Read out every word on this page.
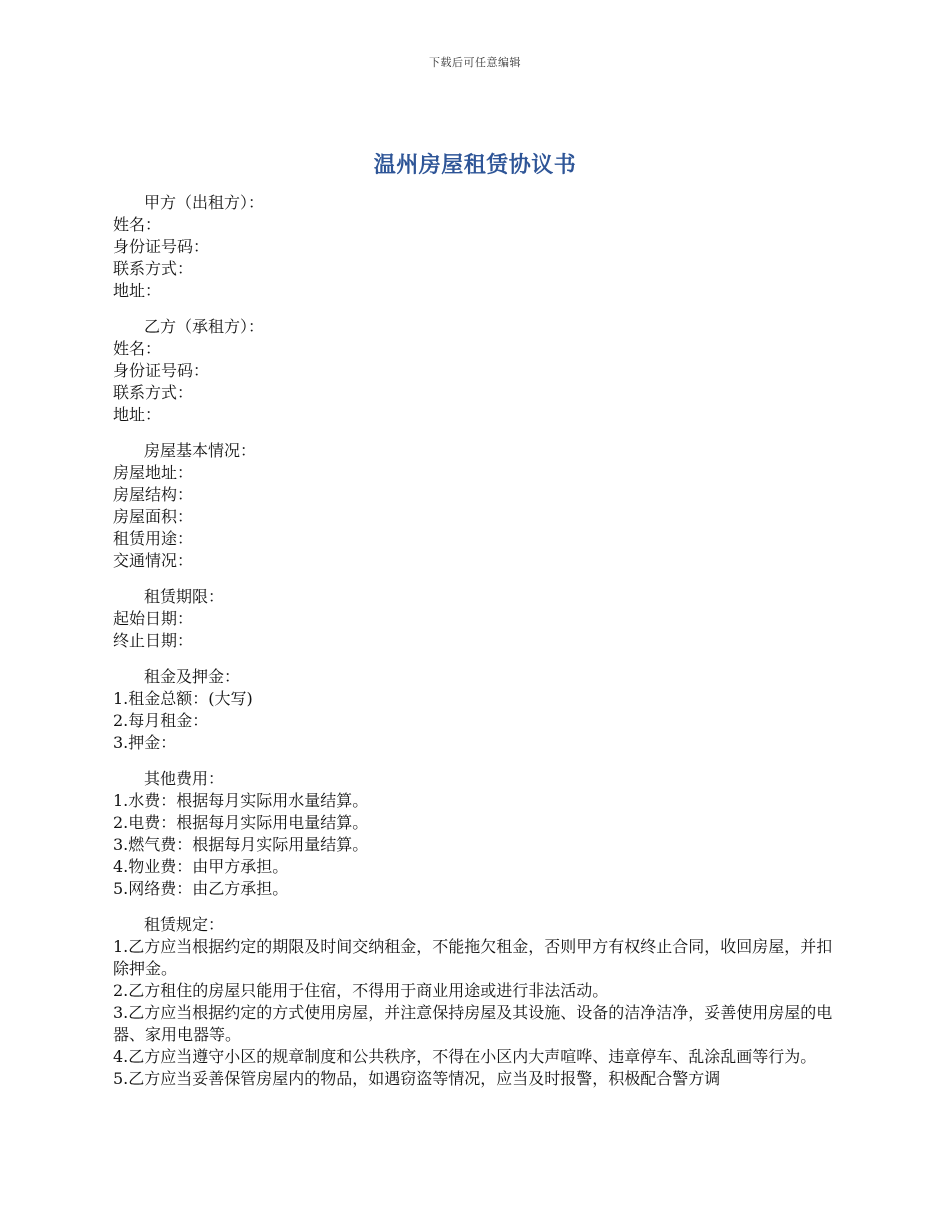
下载后可任意编辑
温州房屋租赁协议书
甲方（出租方）：
姓名：
身份证号码：
联系方式：
地址：
乙方（承租方）：
姓名：
身份证号码：
联系方式：
地址：
房屋基本情况：
房屋地址：
房屋结构：
房屋面积：
租赁用途：
交通情况：
租赁期限：
起始日期：
终止日期：
租金及押金：
1.租金总额：(大写)
2.每月租金：
3.押金：
其他费用：
1.水费：根据每月实际用水量结算。
2.电费：根据每月实际用电量结算。
3.燃气费：根据每月实际用量结算。
4.物业费：由甲方承担。
5.网络费：由乙方承担。
租赁规定：
1.乙方应当根据约定的期限及时间交纳租金，不能拖欠租金，否则甲方有权终止合同，收回房屋，并扣除押金。
2.乙方租住的房屋只能用于住宿，不得用于商业用途或进行非法活动。
3.乙方应当根据约定的方式使用房屋，并注意保持房屋及其设施、设备的洁净洁净，妥善使用房屋的电器、家用电器等。
4.乙方应当遵守小区的规章制度和公共秩序，不得在小区内大声喧哗、违章停车、乱涂乱画等行为。
5.乙方应当妥善保管房屋内的物品，如遇窃盗等情况，应当及时报警，积极配合警方调
